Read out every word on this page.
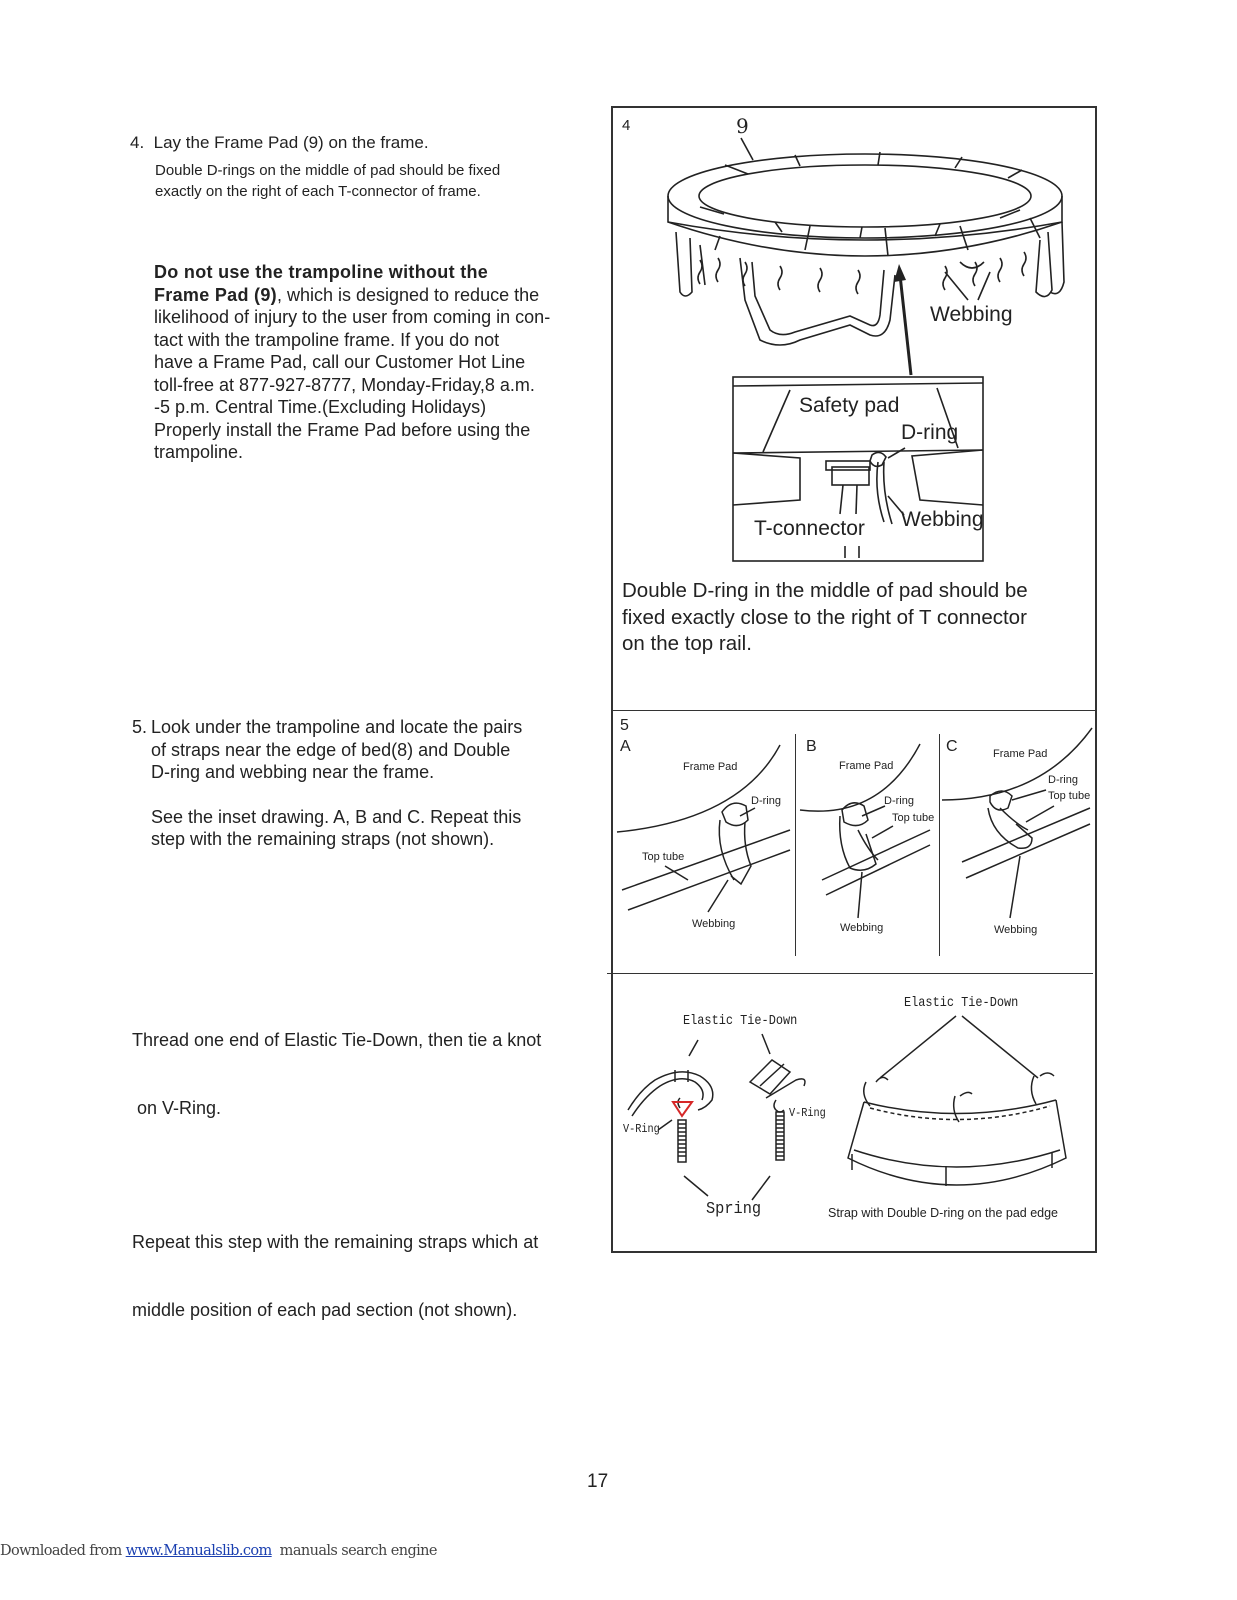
4. Lay the Frame Pad (9) on the frame.
Double D-rings on the middle of pad should be fixed
exactly on the right of each T-connector of frame.
Do not use the trampoline without the
Frame Pad (9), which is designed to reduce the
likelihood of injury to the user from coming in con-
tact with the trampoline frame. If you do not
have a Frame Pad, call our Customer Hot Line
toll-free at 877-927-8777, Monday-Friday,8 a.m.
-5 p.m. Central Time.(Excluding Holidays)
Properly install the Frame Pad before using the
trampoline.
5. Look under the trampoline and locate the pairs
of straps near the edge of bed(8) and Double
D-ring and webbing near the frame.
See the inset drawing. A, B and C. Repeat this
step with the remaining straps (not shown).

Thread one end of Elastic Tie-Down, then tie a knot

on V-Ring.

Repeat this step with the remaining straps which at

middle position of each pad section (not shown).

4	9
Webbing
Safety pad
D-ring
Webbing
T-connector
Double D-ring in the middle of pad should be
fixed exactly close to the right of T connector
on the top rail.
5
A	B	C
Frame Pad
D-ring
Top tube
Webbing
Frame Pad
D-ring
Top tube
Webbing
Frame Pad
D-ring
Top tube
Webbing
Elastic Tie-Down
Elastic Tie-Down
V-Ring
V-Ring
Spring	Strap with Double D-ring on the pad edge
17
Downloaded from www.Manualslib.com  manuals search engine
